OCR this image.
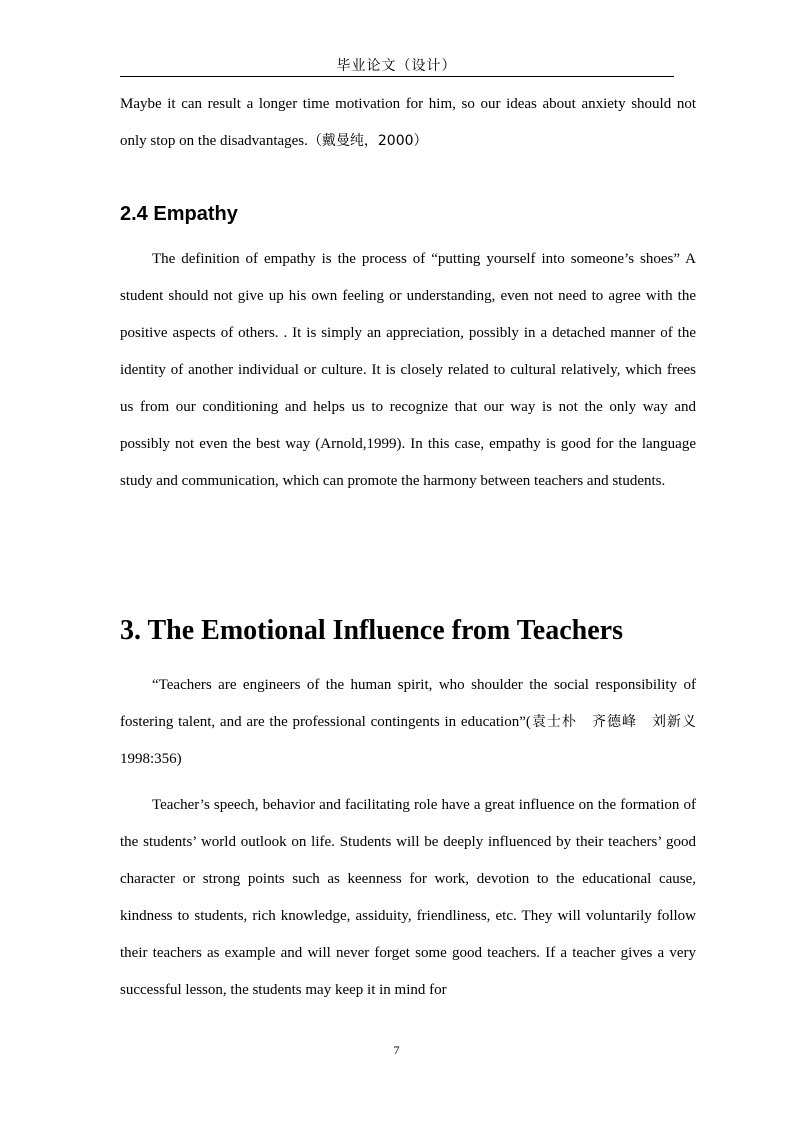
毕业论文（设计）

Maybe it can result a longer time motivation for him, so our ideas about anxiety should not only stop on the disadvantages.（戴曼纯，2000）

2.4 Empathy

The definition of empathy is the process of “putting yourself into someone’s shoes” A student should not give up his own feeling or understanding, even not need to agree with the positive aspects of others. . It is simply an appreciation, possibly in a detached manner of the identity of another individual or culture. It is closely related to cultural relatively, which frees us from our conditioning and helps us to recognize that our way is not the only way and possibly not even the best way (Arnold,1999). In this case, empathy is good for the language study and communication, which can promote the harmony between teachers and students.

3. The Emotional Influence from Teachers

“Teachers are engineers of the human spirit, who shoulder the social responsibility of fostering talent, and are the professional contingents in education”(袁士朴　齐德峰　刘新义 1998:356)

Teacher’s speech, behavior and facilitating role have a great influence on the formation of the students’ world outlook on life. Students will be deeply influenced by their teachers’ good character or strong points such as keenness for work, devotion to the educational cause, kindness to students, rich knowledge, assiduity, friendliness, etc. They will voluntarily follow their teachers as example and will never forget some good teachers. If a teacher gives a very successful lesson, the students may keep it in mind for

7
